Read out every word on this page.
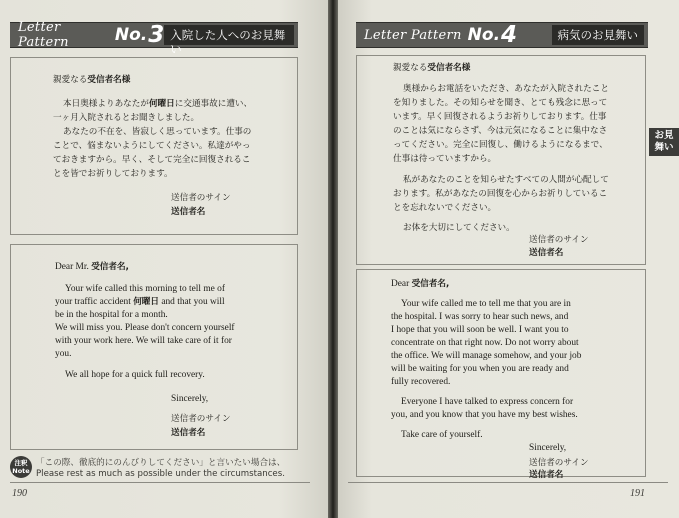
Letter Pattern	No. 3 入院した人へのお見舞い
親愛なる受信者名様
本日奥様よりあなたが何曜日に交通事故に遭い、
一ヶ月入院されるとお聞きしました。
あなたの不在を、皆寂しく思っています。仕事の
ことで、悩まないようにしてください。私達がやっ
ておきますから。早く、そして完全に回復されるこ
とを皆でお祈りしております。
送信者のサイン
送信者名
Dear Mr. 受信者名,
Your wife called this morning to tell me of
your traffic accident 何曜日 and that you will
be in the hospital for a month.
We will miss you. Please don't concern yourself
with your work here. We will take care of it for
you.
We all hope for a quick full recovery.
Sincerely,
送信者のサイン
送信者名
注釈
Note
「この際、徹底的にのんびりしてください」と言いたい場合は、
Please rest as much as possible under the circumstances.
190
Letter Pattern No. 4	病気のお見舞い
お見
舞い
親愛なる受信者名様
奥様からお電話をいただき、あなたが入院されたこと
を知りました。その知らせを聞き、とても残念に思って
います。早く回復されるようお祈りしております。仕事
のことは気にならさず、今は元気になることに集中なさ
ってください。完全に回復し、働けるようになるまで、
仕事は待っていますから。
私があなたのことを知らせたすべての人間が心配して
おります。私があなたの回復を心からお祈りしているこ
とを忘れないでください。
お体を大切にしてください。
送信者のサイン
送信者名
Dear 受信者名,
Your wife called me to tell me that you are in
the hospital. I was sorry to hear such news, and
I hope that you will soon be well. I want you to
concentrate on that right now. Do not worry about
the office. We will manage somehow, and your job
will be waiting for you when you are ready and
fully recovered.
Everyone I have talked to express concern for
you, and you know that you have my best wishes.
Take care of yourself.
Sincerely,
送信者のサイン
送信者名
191
